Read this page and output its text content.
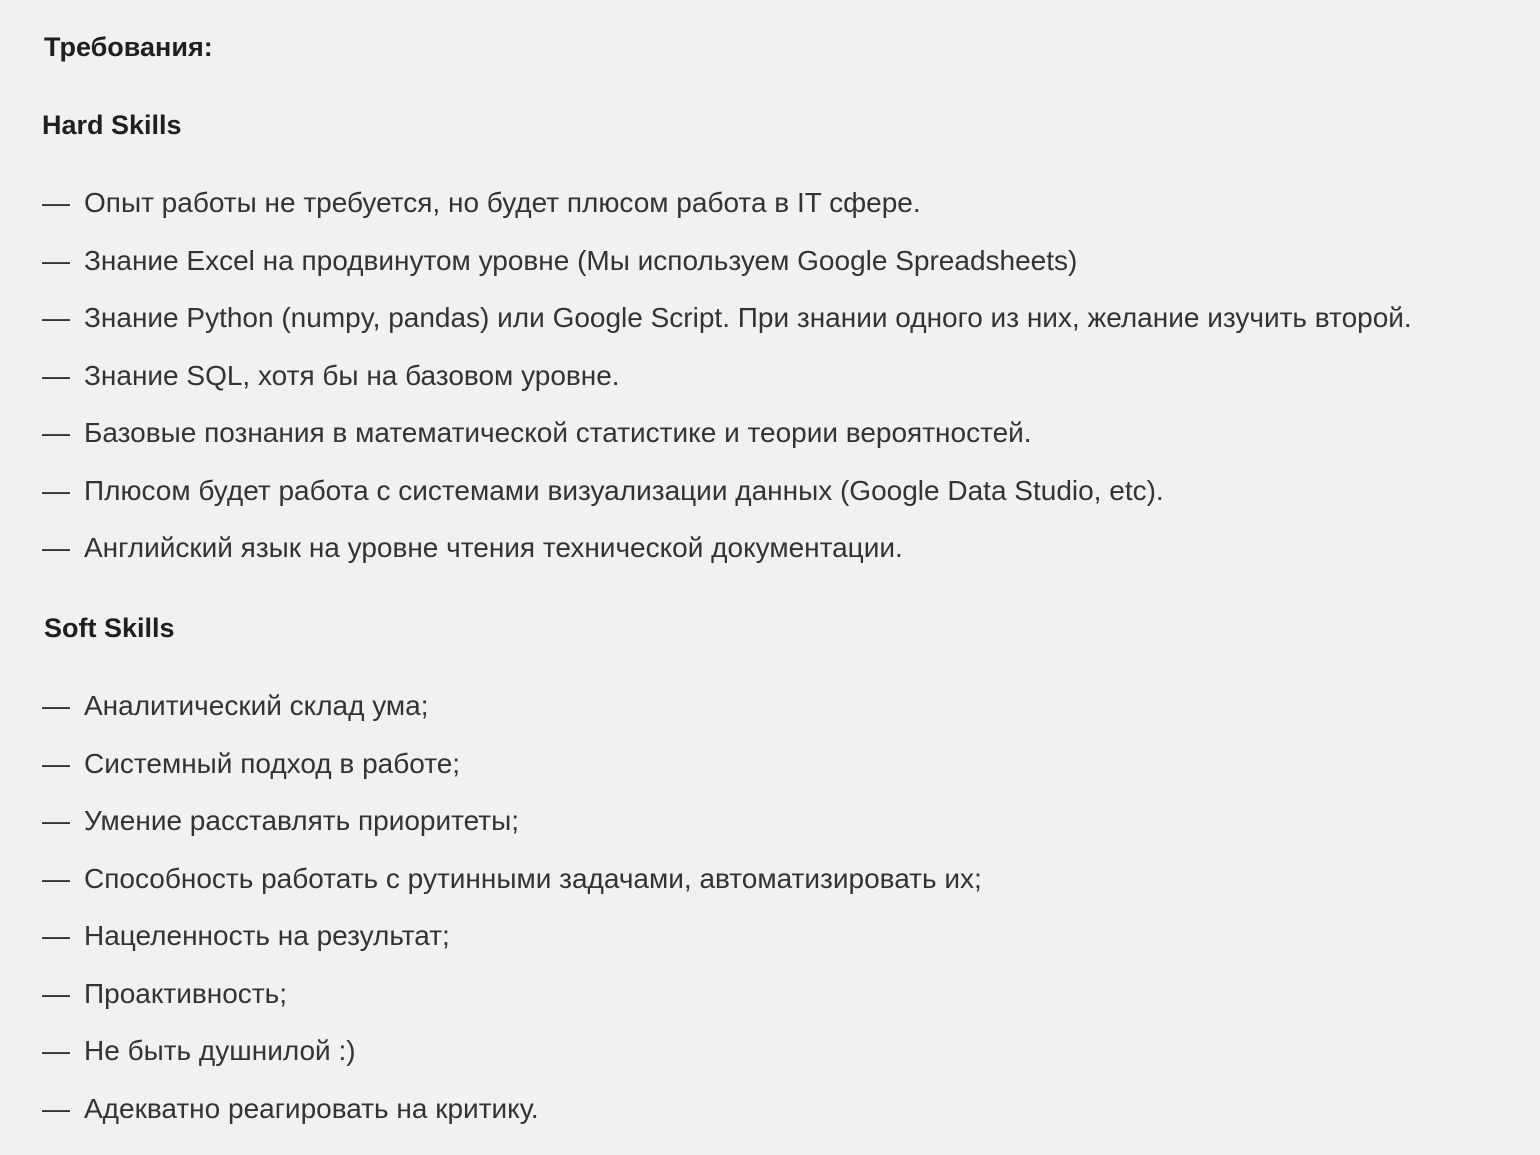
Требования:
Hard Skills
— Опыт работы не требуется, но будет плюсом работа в IT сфере.
— Знание Excel на продвинутом уровне (Мы используем Google Spreadsheets)
— Знание Python (numpy, pandas) или Google Script. При знании одного из них, желание изучить второй.
— Знание SQL, хотя бы на базовом уровне.
— Базовые познания в математической статистике и теории вероятностей.
— Плюсом будет работа с системами визуализации данных (Google Data Studio, etc).
— Английский язык на уровне чтения технической документации.
Soft Skills
— Аналитический склад ума;
— Системный подход в работе;
— Умение расставлять приоритеты;
— Способность работать с рутинными задачами, автоматизировать их;
— Нацеленность на результат;
— Проактивность;
— Не быть душнилой :)
— Адекватно реагировать на критику.
